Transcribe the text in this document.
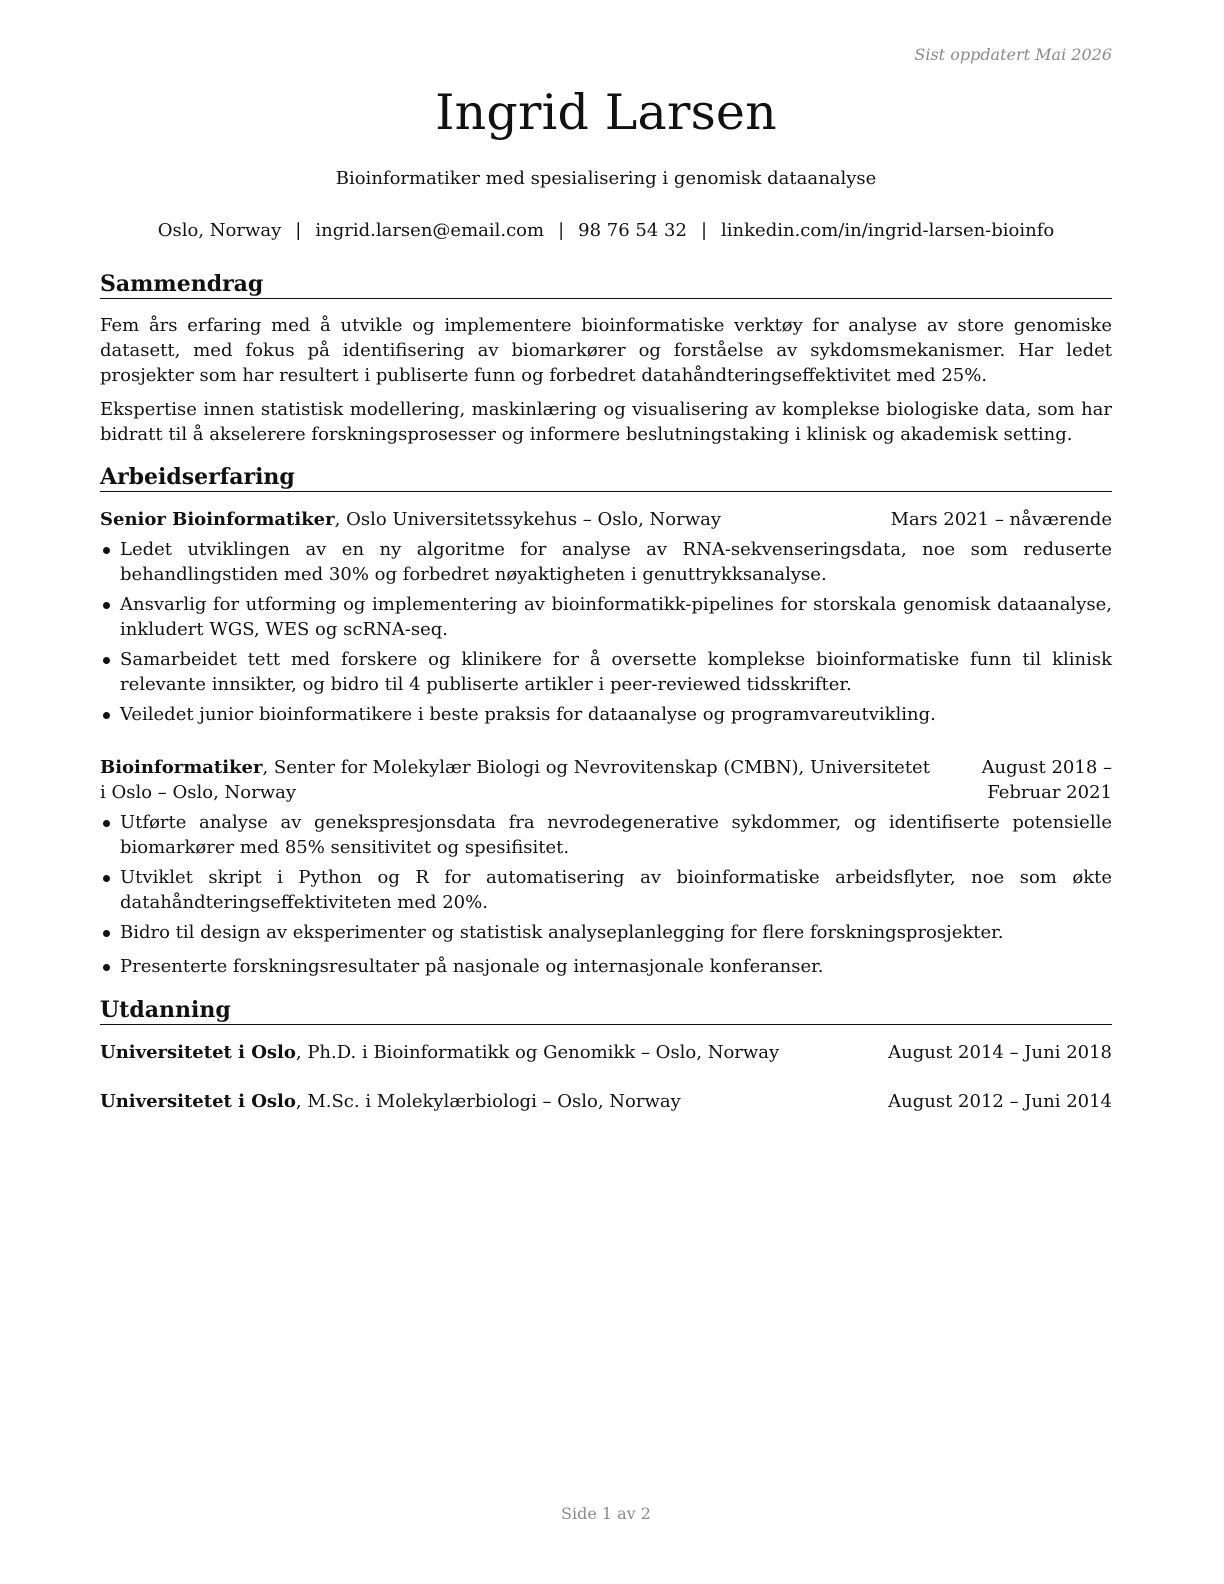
Sist oppdatert Mai 2026
Ingrid Larsen
Bioinformatiker med spesialisering i genomisk dataanalyse
Oslo, Norway | ingrid.larsen@email.com | 98 76 54 32 | linkedin.com/in/ingrid-larsen-bioinfo
Sammendrag

Fem års erfaring med å utvikle og implementere bioinformatiske verktøy for analyse av store genomiske datasett, med fokus på identifisering av biomarkører og forståelse av sykdomsmekanismer. Har ledet prosjekter som har resultert i publiserte funn og forbedret datahåndteringseffektivitet med 25%.

Ekspertise innen statistisk modellering, maskinlæring og visualisering av komplekse biologiske data, som har bidratt til å akselerere forskningsprosesser og informere beslutningstaking i klinisk og akademisk setting.

Arbeidserfaring
Senior Bioinformatiker, Oslo Universitetssykehus – Oslo, Norway	Mars 2021 – nåværende
Ledet utviklingen av en ny algoritme for analyse av RNA-sekvenseringsdata, noe som reduserte behandlingstiden med 30% og forbedret nøyaktigheten i genuttrykksanalyse.
Ansvarlig for utforming og implementering av bioinformatikk-pipelines for storskala genomisk dataanalyse, inkludert WGS, WES og scRNA-seq.
Samarbeidet tett med forskere og klinikere for å oversette komplekse bioinformatiske funn til klinisk relevante innsikter, og bidro til 4 publiserte artikler i peer-reviewed tidsskrifter.
Veiledet junior bioinformatikere i beste praksis for dataanalyse og programvareutvikling.
Bioinformatiker, Senter for Molekylær Biologi og Nevrovitenskap (CMBN), Universitetet i Oslo – Oslo, Norway
August 2018 – Februar 2021
Utførte analyse av genekspresjonsdata fra nevrodegenerative sykdommer, og identifiserte potensielle biomarkører med 85% sensitivitet og spesifisitet.
Utviklet skript i Python og R for automatisering av bioinformatiske arbeidsflyter, noe som økte datahåndteringseffektiviteten med 20%.
Bidro til design av eksperimenter og statistisk analyseplanlegging for flere forskningsprosjekter.
Presenterte forskningsresultater på nasjonale og internasjonale konferanser.
Utdanning
Universitetet i Oslo, Ph.D. i Bioinformatikk og Genomikk – Oslo, Norway	August 2014 – Juni 2018
Universitetet i Oslo, M.Sc. i Molekylærbiologi – Oslo, Norway	August 2012 – Juni 2014
Side 1 av 2
